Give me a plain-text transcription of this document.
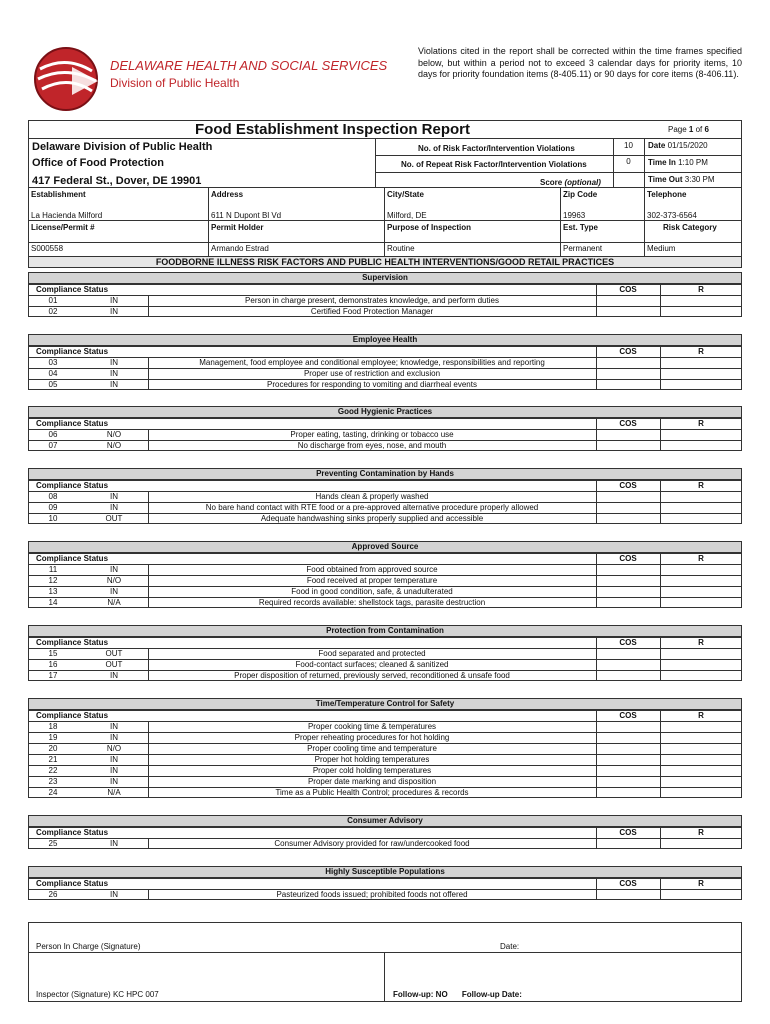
DELAWARE HEALTH AND SOCIAL SERVICES
Division of Public Health
Violations cited in the report shall be corrected within the time frames specified below, but within a period not to exceed 3 calendar days for priority items, 10 days for priority foundation items (8-405.11) or 90 days for core items (8-406.11).
Food Establishment Inspection Report	Page 1 of 6
Delaware Division of Public Health
Office of Food Protection
417 Federal St., Dover, DE 19901
No. of Risk Factor/Intervention Violations	10
No. of Repeat Risk Factor/Intervention Violations	0
Score (optional)
Date 01/15/2020
Time In 1:10 PM
Time Out 3:30 PM
Establishment	Address	City/State	Zip Code	Telephone
La Hacienda Milford	611 N Dupont Bl Vd	Milford, DE	19963	302-373-6564
License/Permit #	Permit Holder	Purpose of Inspection	Est. Type	Risk Category
S000558	Armando Estrad	Routine	Permanent	Medium
FOODBORNE ILLNESS RISK FACTORS AND PUBLIC HEALTH INTERVENTIONS/GOOD RETAIL PRACTICES
Supervision
Compliance Status	COS	R
01	IN	Person in charge present, demonstrates knowledge, and perform duties
02	IN	Certified Food Protection Manager
Employee Health
Compliance Status	COS	R
03	IN	Management, food employee and conditional employee; knowledge, responsibilities and reporting
04	IN	Proper use of restriction and exclusion
05	IN	Procedures for responding to vomiting and diarrheal events
Good Hygienic Practices
Compliance Status	COS	R
06	N/O	Proper eating, tasting, drinking or tobacco use
07	N/O	No discharge from eyes, nose, and mouth
Preventing Contamination by Hands
Compliance Status	COS	R
08	IN	Hands clean & properly washed
09	IN	No bare hand contact with RTE food or a pre-approved alternative procedure properly allowed
10	OUT	Adequate handwashing sinks properly supplied and accessible
Approved Source
Compliance Status	COS	R
11	IN	Food obtained from approved source
12	N/O	Food received at proper temperature
13	IN	Food in good condition, safe, & unadulterated
14	N/A	Required records available: shellstock tags, parasite destruction
Protection from Contamination
Compliance Status	COS	R
15	OUT	Food separated and protected
16	OUT	Food-contact surfaces; cleaned & sanitized
17	IN	Proper disposition of returned, previously served, reconditioned & unsafe food
Time/Temperature Control for Safety
Compliance Status	COS	R
18	IN	Proper cooking time & temperatures
19	IN	Proper reheating procedures for hot holding
20	N/O	Proper cooling time and temperature
21	IN	Proper hot holding temperatures
22	IN	Proper cold holding temperatures
23	IN	Proper date marking and disposition
24	N/A	Time as a Public Health Control; procedures & records
Consumer Advisory
Compliance Status	COS	R
25	IN	Consumer Advisory provided for raw/undercooked food
Highly Susceptible Populations
Compliance Status	COS	R
26	IN	Pasteurized foods issued; prohibited foods not offered
Person In Charge (Signature)	Date:
Inspector (Signature) KC HPC 007	Follow-up: NO Follow-up Date:
